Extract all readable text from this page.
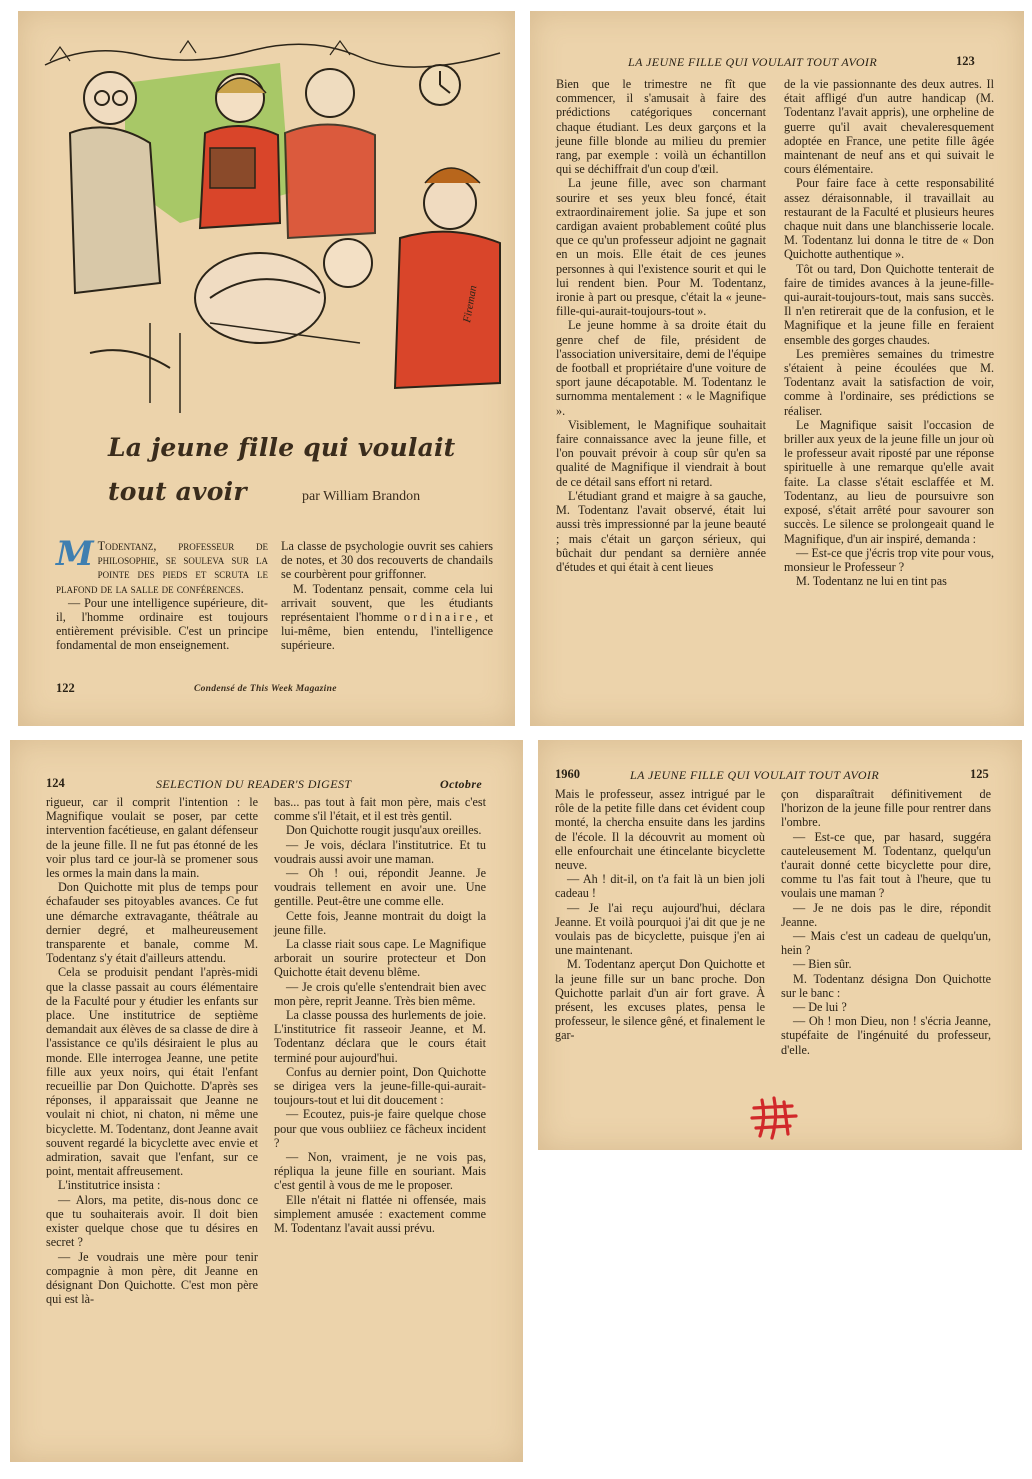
Fireman
La jeune fille qui voulait
tout avoir	par William Brandon

M Todentanz, professeur de philosophie, se souleva sur la pointe des pieds et scruta le plafond de la salle de conférences.

— Pour une intelligence supérieure, dit-il, l'homme ordinaire est toujours entièrement prévisible. C'est un principe fondamental de mon enseignement.

La classe de psychologie ouvrit ses cahiers de notes, et 30 dos recouverts de chandails se courbèrent pour griffonner.

M. Todentanz pensait, comme cela lui arrivait souvent, que les étudiants représentaient l'homme ordinaire, et lui-même, bien entendu, l'intelligence supérieure.

122	Condensé de This Week Magazine
LA JEUNE FILLE QUI VOULAIT TOUT AVOIR	123

Bien que le trimestre ne fît que commencer, il s'amusait à faire des prédictions catégoriques concernant chaque étudiant. Les deux garçons et la jeune fille blonde au milieu du premier rang, par exemple : voilà un échantillon qui se déchiffrait d'un coup d'œil.

La jeune fille, avec son charmant sourire et ses yeux bleu foncé, était extraordinairement jolie. Sa jupe et son cardigan avaient probablement coûté plus que ce qu'un professeur adjoint ne gagnait en un mois. Elle était de ces jeunes personnes à qui l'existence sourit et qui le lui rendent bien. Pour M. Todentanz, ironie à part ou presque, c'était la « jeune-fille-qui-aurait-toujours-tout ».

Le jeune homme à sa droite était du genre chef de file, président de l'association universitaire, demi de l'équipe de football et propriétaire d'une voiture de sport jaune décapotable. M. Todentanz le surnomma mentalement : « le Magnifique ».

Visiblement, le Magnifique souhaitait faire connaissance avec la jeune fille, et l'on pouvait prévoir à coup sûr qu'en sa qualité de Magnifique il viendrait à bout de ce détail sans effort ni retard.

L'étudiant grand et maigre à sa gauche, M. Todentanz l'avait observé, était lui aussi très impressionné par la jeune beauté ; mais c'était un garçon sérieux, qui bûchait dur pendant sa dernière année d'études et qui était à cent lieues

de la vie passionnante des deux autres. Il était affligé d'un autre handicap (M. Todentanz l'avait appris), une orpheline de guerre qu'il avait chevaleresquement adoptée en France, une petite fille âgée maintenant de neuf ans et qui suivait le cours élémentaire.

Pour faire face à cette responsabilité assez déraisonnable, il travaillait au restaurant de la Faculté et plusieurs heures chaque nuit dans une blanchisserie locale. M. Todentanz lui donna le titre de « Don Quichotte authentique ».

Tôt ou tard, Don Quichotte tenterait de faire de timides avances à la jeune-fille-qui-aurait-toujours-tout, mais sans succès. Il n'en retirerait que de la confusion, et le Magnifique et la jeune fille en feraient ensemble des gorges chaudes.

Les premières semaines du trimestre s'étaient à peine écoulées que M. Todentanz avait la satisfaction de voir, comme à l'ordinaire, ses prédictions se réaliser.

Le Magnifique saisit l'occasion de briller aux yeux de la jeune fille un jour où le professeur avait riposté par une réponse spirituelle à une remarque qu'elle avait faite. La classe s'était esclaffée et M. Todentanz, au lieu de poursuivre son exposé, s'était arrêté pour savourer son succès. Le silence se prolongeait quand le Magnifique, d'un air inspiré, demanda :

— Est-ce que j'écris trop vite pour vous, monsieur le Professeur ?

M. Todentanz ne lui en tint pas

124	SELECTION DU READER'S DIGEST	Octobre

rigueur, car il comprit l'intention : le Magnifique voulait se poser, par cette intervention facétieuse, en galant défenseur de la jeune fille. Il ne fut pas étonné de les voir plus tard ce jour-là se promener sous les ormes la main dans la main.

Don Quichotte mit plus de temps pour échafauder ses pitoyables avances. Ce fut une démarche extravagante, théâtrale au dernier degré, et malheureusement transparente et banale, comme M. Todentanz s'y était d'ailleurs attendu.

Cela se produisit pendant l'après-midi que la classe passait au cours élémentaire de la Faculté pour y étudier les enfants sur place. Une institutrice de septième demandait aux élèves de sa classe de dire à l'assistance ce qu'ils désiraient le plus au monde. Elle interrogea Jeanne, une petite fille aux yeux noirs, qui était l'enfant recueillie par Don Quichotte. D'après ses réponses, il apparaissait que Jeanne ne voulait ni chiot, ni chaton, ni même une bicyclette. M. Todentanz, dont Jeanne avait souvent regardé la bicyclette avec envie et admiration, savait que l'enfant, sur ce point, mentait affreusement.

L'institutrice insista :

— Alors, ma petite, dis-nous donc ce que tu souhaiterais avoir. Il doit bien exister quelque chose que tu désires en secret ?

— Je voudrais une mère pour tenir compagnie à mon père, dit Jeanne en désignant Don Quichotte. C'est mon père qui est là-

bas... pas tout à fait mon père, mais c'est comme s'il l'était, et il est très gentil.

Don Quichotte rougit jusqu'aux oreilles.

— Je vois, déclara l'institutrice. Et tu voudrais aussi avoir une maman.

— Oh ! oui, répondit Jeanne. Je voudrais tellement en avoir une. Une gentille. Peut-être une comme elle.

Cette fois, Jeanne montrait du doigt la jeune fille.

La classe riait sous cape. Le Magnifique arborait un sourire protecteur et Don Quichotte était devenu blême.

— Je crois qu'elle s'entendrait bien avec mon père, reprit Jeanne. Très bien même.

La classe poussa des hurlements de joie. L'institutrice fit rasseoir Jeanne, et M. Todentanz déclara que le cours était terminé pour aujourd'hui.

Confus au dernier point, Don Quichotte se dirigea vers la jeune-fille-qui-aurait-toujours-tout et lui dit doucement :

— Ecoutez, puis-je faire quelque chose pour que vous oubliiez ce fâcheux incident ?

— Non, vraiment, je ne vois pas, répliqua la jeune fille en souriant. Mais c'est gentil à vous de me le proposer.

Elle n'était ni flattée ni offensée, mais simplement amusée : exactement comme M. Todentanz l'avait aussi prévu.

1960	LA JEUNE FILLE QUI VOULAIT TOUT AVOIR	125

Mais le professeur, assez intrigué par le rôle de la petite fille dans cet évident coup monté, la chercha ensuite dans les jardins de l'école. Il la découvrit au moment où elle enfourchait une étincelante bicyclette neuve.

— Ah ! dit-il, on t'a fait là un bien joli cadeau !

— Je l'ai reçu aujourd'hui, déclara Jeanne. Et voilà pourquoi j'ai dit que je ne voulais pas de bicyclette, puisque j'en ai une maintenant.

M. Todentanz aperçut Don Quichotte et la jeune fille sur un banc proche. Don Quichotte parlait d'un air fort grave. À présent, les excuses plates, pensa le professeur, le silence gêné, et finalement le gar-

çon disparaîtrait définitivement de l'horizon de la jeune fille pour rentrer dans l'ombre.

— Est-ce que, par hasard, suggéra cauteleusement M. Todentanz, quelqu'un t'aurait donné cette bicyclette pour dire, comme tu l'as fait tout à l'heure, que tu voulais une maman ?

— Je ne dois pas le dire, répondit Jeanne.

— Mais c'est un cadeau de quelqu'un, hein ?

— Bien sûr.

M. Todentanz désigna Don Quichotte sur le banc :

— De lui ?

— Oh ! mon Dieu, non ! s'écria Jeanne, stupéfaite de l'ingénuité du professeur, d'elle.
